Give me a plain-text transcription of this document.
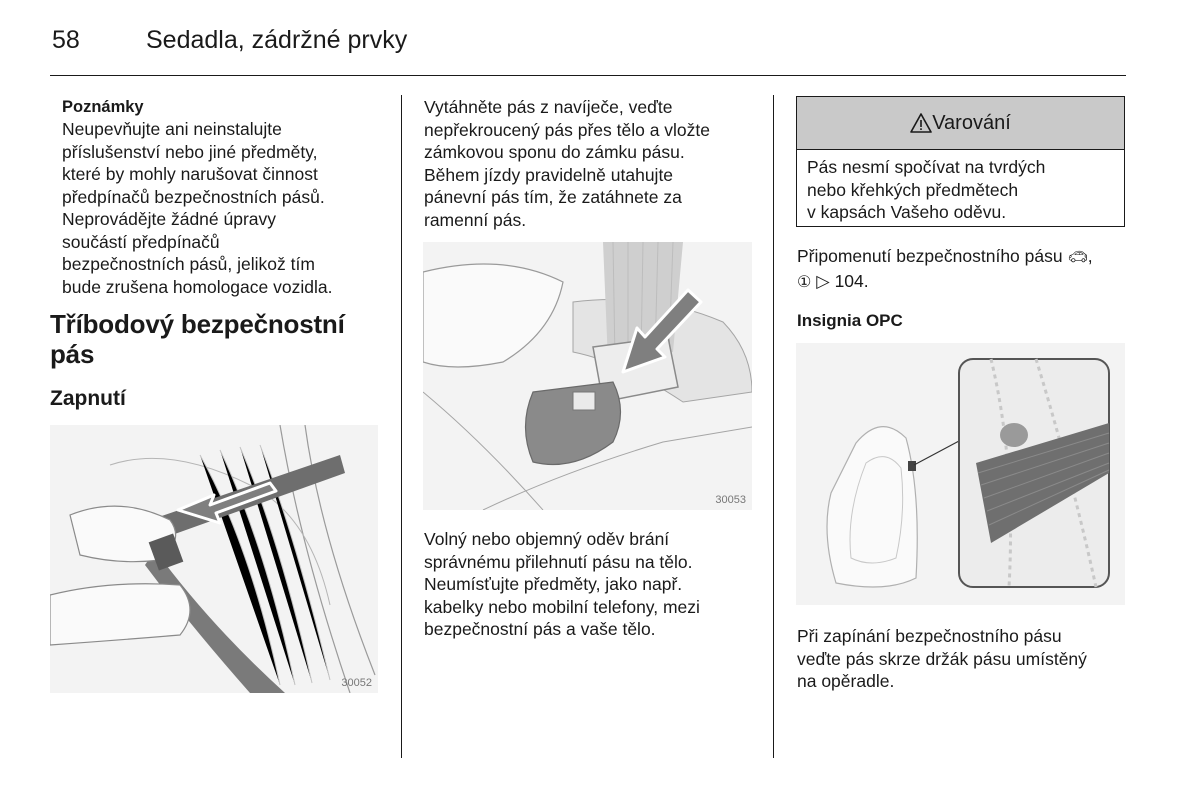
58	Sedadla, zádržné prvky
Poznámky
Neupevňujte ani neinstalujte
příslušenství nebo jiné předměty,
které by mohly narušovat činnost
předpínačů bezpečnostních pásů.
Neprovádějte žádné úpravy
součástí předpínačů
bezpečnostních pásů, jelikož tím
bude zrušena homologace vozidla.
Tříbodový bezpečnostní
pás
Zapnutí
30052
Vytáhněte pás z navíječe, veďte
nepřekroucený pás přes tělo a vložte
zámkovou sponu do zámku pásu.
Během jízdy pravidelně utahujte
pánevní pás tím, že zatáhnete za
ramenní pás.
30053
Volný nebo objemný oděv brání
správnému přilehnutí pásu na tělo.
Neumísťujte předměty, jako např.
kabelky nebo mobilní telefony, mezi
bezpečnostní pás a vaše tělo.
Varování
Pás nesmí spočívat na tvrdých
nebo křehkých předmětech
v kapsách Vašeho oděvu.
Připomenutí bezpečnostního pásu 🚗︎,
① ▷ 104.
Insignia OPC
Při zapínání bezpečnostního pásu
veďte pás skrze držák pásu umístěný
na opěradle.
